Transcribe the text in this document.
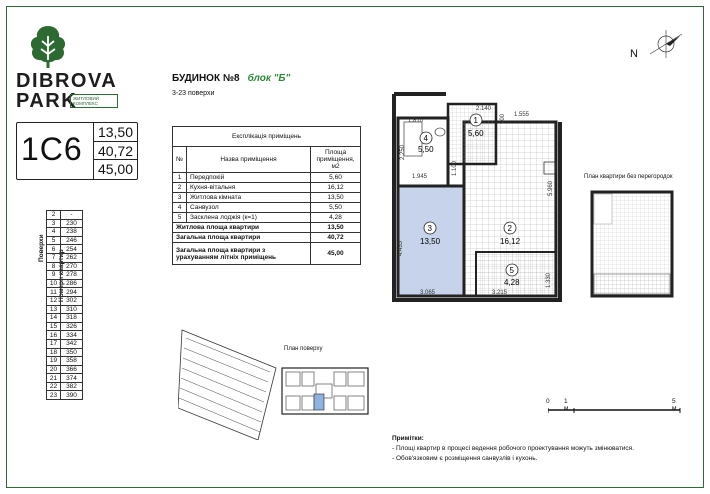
DIBROVA
PARK
ЖИТЛОВИЙ КОМПЛЕКС
БУДИНОК №8 блок "Б"
3-23 поверхи
1С6 13,50
40,72
45,00
Поверхи
Номери квартир
2	-
3	230
4	238
5	246
6	254
7	262
8	270
9	278
10	286
11	294
12	302
13	310
14	318
15	326
16	334
17	342
18	350
19	358
20	366
21	374
22	382
23	390
Експлікація приміщень		
№	Назва приміщення	Площа приміщення, м2
1	Передпокій	5,60
2	Кухня-вітальня	16,12
3	Житлова кімната	13,50
4	Санвузол	5,50
5	Засклена лоджія (к=1)	4,28
Житлова площа квартири		13,50
Загальна площа квартири		40,72
Загальна площа квартири з урахуванням літніх приміщень		45,00
2.140
1.555
1.810	900
2.250
1.945
1.100
5.960
4.435
3.065	3.215
1.330
1
5,60
2
16,12
3
13,50
4
5,50
5
4,28
План квартири без перегородок
План поверху
N
0 1 м
5 м
Примітки:
- Площі квартир в процесі ведення робочого проектування можуть змінюватися.
- Обов'язковим є розміщення санвузлів і кухонь.
